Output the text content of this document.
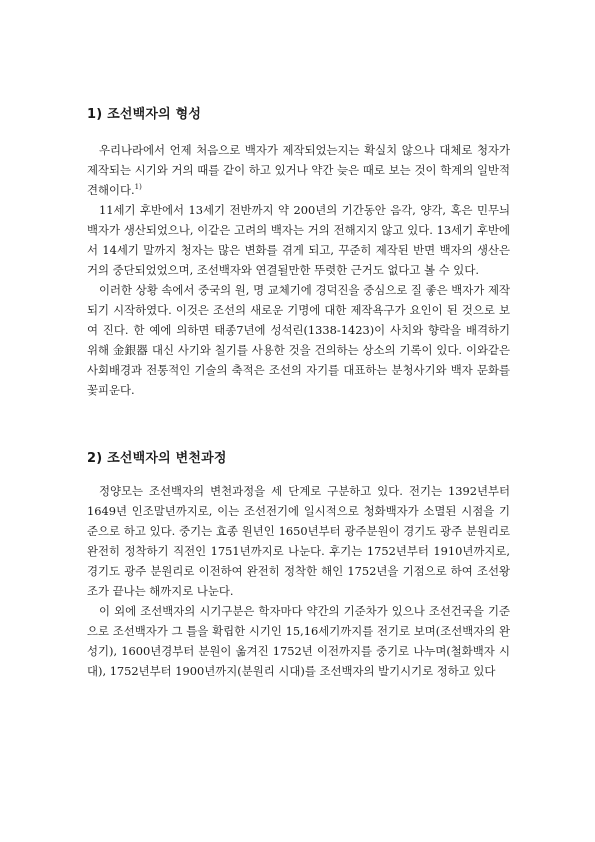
1) 조선백자의 형성

우리나라에서 언제 처음으로 백자가 제작되었는지는 확실치 않으나 대체로 청자가 제작되는 시기와 거의 때를 같이 하고 있거나 약간 늦은 때로 보는 것이 학계의 일반적 견해이다.$^{1)}$

11세기 후반에서 13세기 전반까지 약 200년의 기간동안 음각, 양각, 혹은 민무늬 백자가 생산되었으나, 이같은 고려의 백자는 거의 전해지지 않고 있다. 13세기 후반에서 14세기 말까지 청자는 많은 변화를 겪게 되고, 꾸준히 제작된 반면 백자의 생산은 거의 중단되었었으며, 조선백자와 연결될만한 뚜렷한 근거도 없다고 볼 수 있다.

이러한 상황 속에서 중국의 원, 명 교체기에 경덕진을 중심으로 질 좋은 백자가 제작되기 시작하였다. 이것은 조선의 새로운 기명에 대한 제작욕구가 요인이 된 것으로 보여 진다. 한 예에 의하면 태종7년에 성석린(1338-1423)이 사치와 향락을 배격하기 위해 金銀器 대신 사기와 칠기를 사용한 것을 건의하는 상소의 기록이 있다. 이와같은 사회배경과 전통적인 기술의 축적은 조선의 자기를 대표하는 분청사기와 백자 문화를 꽃피운다.

2) 조선백자의 변천과정

정양모는 조선백자의 변천과정을 세 단계로 구분하고 있다. 전기는 1392년부터 1649년 인조말년까지로, 이는 조선전기에 일시적으로 청화백자가 소멸된 시점을 기준으로 하고 있다. 중기는 효종 원년인 1650년부터 광주분원이 경기도 광주 분원리로 완전히 정착하기 직전인 1751년까지로 나눈다. 후기는 1752년부터 1910년까지로, 경기도 광주 분원리로 이전하여 완전히 정착한 해인 1752년을 기점으로 하여 조선왕조가 끝나는 해까지로 나눈다.

이 외에 조선백자의 시기구분은 학자마다 약간의 기준차가 있으나 조선건국을 기준으로 조선백자가 그 틀을 확립한 시기인 15,16세기까지를 전기로 보며(조선백자의 완성기), 1600년경부터 분원이 옮겨진 1752년 이전까지를 중기로 나누며(철화백자 시대), 1752년부터 1900년까지(분원리 시대)를 조선백자의 발기시기로 정하고 있다
